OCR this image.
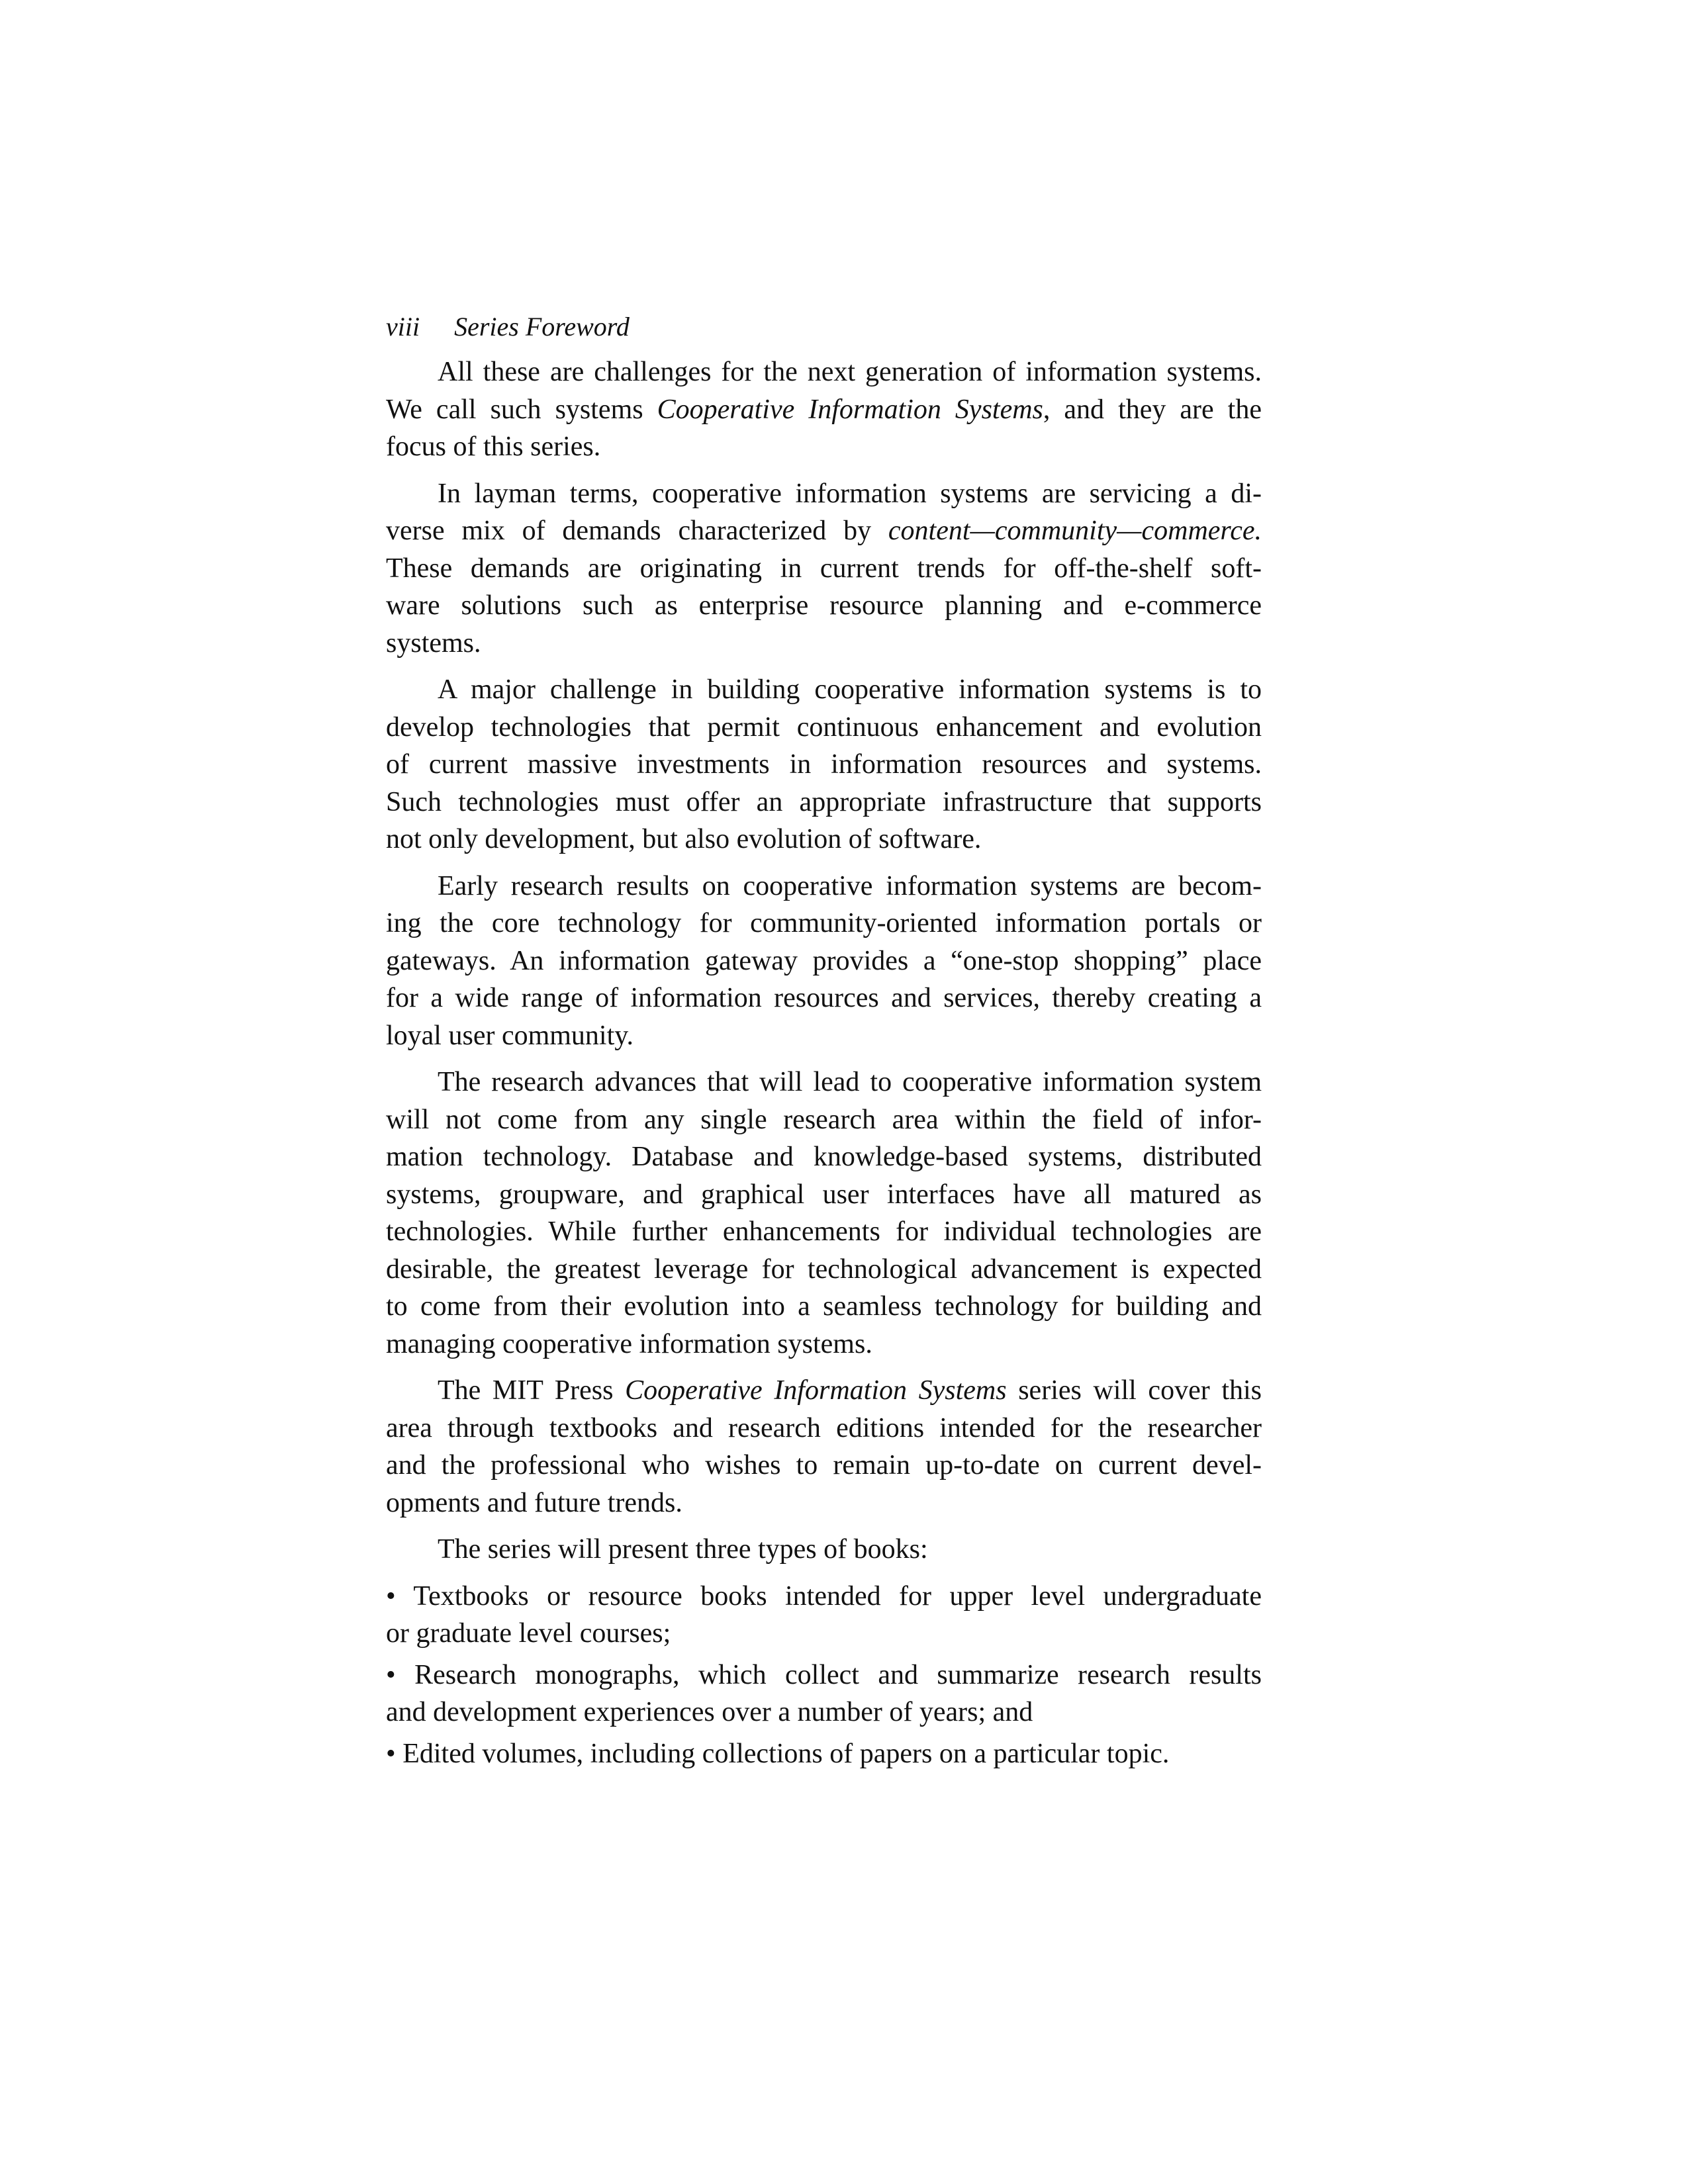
viii Series Foreword
All these are challenges for the next generation of information systems.
We call such systems Cooperative Information Systems, and they are the
focus of this series.
In layman terms, cooperative information systems are servicing a di-
verse mix of demands characterized by content—community—commerce.
These demands are originating in current trends for off-the-shelf soft-
ware solutions such as enterprise resource planning and e-commerce
systems.
A major challenge in building cooperative information systems is to
develop technologies that permit continuous enhancement and evolution
of current massive investments in information resources and systems.
Such technologies must offer an appropriate infrastructure that supports
not only development, but also evolution of software.
Early research results on cooperative information systems are becom-
ing the core technology for community-oriented information portals or
gateways. An information gateway provides a “one-stop shopping” place
for a wide range of information resources and services, thereby creating a
loyal user community.
The research advances that will lead to cooperative information system
will not come from any single research area within the field of infor-
mation technology. Database and knowledge-based systems, distributed
systems, groupware, and graphical user interfaces have all matured as
technologies. While further enhancements for individual technologies are
desirable, the greatest leverage for technological advancement is expected
to come from their evolution into a seamless technology for building and
managing cooperative information systems.
The MIT Press Cooperative Information Systems series will cover this
area through textbooks and research editions intended for the researcher
and the professional who wishes to remain up-to-date on current devel-
opments and future trends.
The series will present three types of books:
• Textbooks or resource books intended for upper level undergraduate
or graduate level courses;
• Research monographs, which collect and summarize research results
and development experiences over a number of years; and
• Edited volumes, including collections of papers on a particular topic.
